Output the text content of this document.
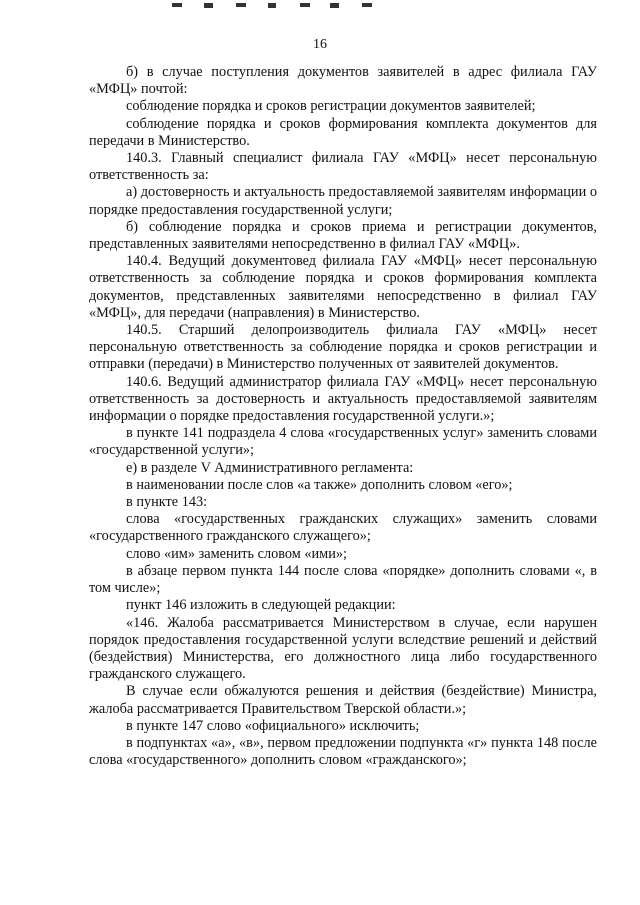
16

б) в случае поступления документов заявителей в адрес филиала ГАУ «МФЦ» почтой:

соблюдение порядка и сроков регистрации документов заявителей;

соблюдение порядка и сроков формирования комплекта документов для передачи в Министерство.

140.3. Главный специалист филиала ГАУ «МФЦ» несет персональную ответственность за:

а) достоверность и актуальность предоставляемой заявителям информации о порядке предоставления государственной услуги;

б) соблюдение порядка и сроков приема и регистрации документов, представленных заявителями непосредственно в филиал ГАУ «МФЦ».

140.4. Ведущий документовед филиала ГАУ «МФЦ» несет персональную ответственность за соблюдение порядка и сроков формирования комплекта документов, представленных заявителями непосредственно в филиал ГАУ «МФЦ», для передачи (направления) в Министерство.

140.5. Старший делопроизводитель филиала ГАУ «МФЦ» несет персональную ответственность за соблюдение порядка и сроков регистрации и отправки (передачи) в Министерство полученных от заявителей документов.

140.6. Ведущий администратор филиала ГАУ «МФЦ» несет персональную ответственность за достоверность и актуальность предоставляемой заявителям информации о порядке предоставления государственной услуги.»;

в пункте 141 подраздела 4 слова «государственных услуг» заменить словами «государственной услуги»;

е) в разделе V Административного регламента:

в наименовании после слов «а также» дополнить словом «его»;

в пункте 143:

слова «государственных гражданских служащих» заменить словами «государственного гражданского служащего»;

слово «им» заменить словом «ими»;

в абзаце первом пункта 144 после слова «порядке» дополнить словами «, в том числе»;

пункт 146 изложить в следующей редакции:

«146. Жалоба рассматривается Министерством в случае, если нарушен порядок предоставления государственной услуги вследствие решений и действий (бездействия) Министерства, его должностного лица либо государственного гражданского служащего.

В случае если обжалуются решения и действия (бездействие) Министра, жалоба рассматривается Правительством Тверской области.»;

в пункте 147 слово «официального» исключить;

в подпунктах «а», «в», первом предложении подпункта «г» пункта 148 после слова «государственного» дополнить словом «гражданского»;
